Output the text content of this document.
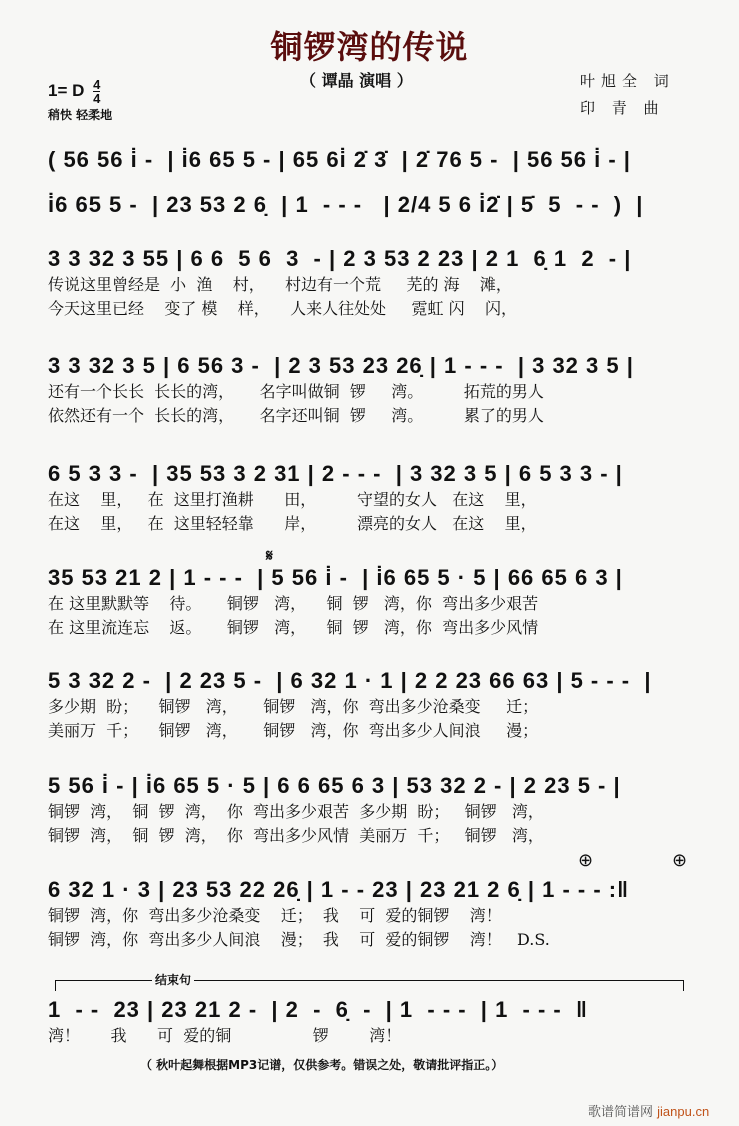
铜锣湾的传说
（ 谭晶 演唱 ）
1= D $\frac{4}{4}$
稍快 轻柔地
叶旭全 词
印 青 曲
( 56 56 i̇ -  | i̇6 65 5 - | 65 6i̇ 2̇ 3̇  | 2̇ 76 5 -  | 56 56 i̇ - |
i̇6 65 5 -  | 23 53 2 6̣  | 1  - - -   | 2/4 5 6 i̇2̇ | 5̇  5  - -  )  |
3 3 32 3 55 | 6 6  5 6  3  - | 2 3 53 2 23 | 2 1  6̣ 1  2  - |
传说这里曾经是  小  渔    村，    村边有一个荒     芜的 海    滩，
今天这里已经    变了 模    样，    人来人往处处     霓虹 闪    闪，
3 3 32 3 5 | 6 56 3 -  | 2 3 53 23 26̣ | 1 - - -  | 3 32 3 5 |
还有一个长长  长长的湾，     名字叫做铜  锣     湾。        拓荒的男人
依然还有一个  长长的湾，     名字还叫铜  锣     湾。        累了的男人
6 5 3 3 -  | 35 53 3 2 31 | 2 - - -  | 3 32 3 5 | 6 5 3 3 - |
在这    里，   在  这里打渔耕      田，        守望的女人   在这    里，
在这    里，   在  这里轻轻靠      岸，        漂亮的女人   在这    里，
𝄋
35 53 21 2 | 1 - - -  | 5 56 i̇ -  | i̇6 65 5 · 5 | 66 65 6 3 |
在 这里默默等    待。     铜锣   湾，    铜  锣   湾，你  弯出多少艰苦
在 这里流连忘    返。     铜锣   湾，    铜  锣   湾，你  弯出多少风情
5 3 32 2 -  | 2 23 5 -  | 6 32 1 · 1 | 2 2 23 66 63 | 5 - - -  |
多少期  盼；    铜锣   湾，     铜锣   湾，你  弯出多少沧桑变     迁；
美丽万  千；    铜锣   湾，     铜锣   湾，你  弯出多少人间浪     漫；
5 56 i̇ - | i̇6 65 5 · 5 | 6 6 65 6 3 | 53 32 2 - | 2 23 5 - |
铜锣  湾，  铜  锣  湾，  你  弯出多少艰苦  多少期  盼；   铜锣   湾，
铜锣  湾，  铜  锣  湾，  你  弯出多少风情  美丽万  千；   铜锣   湾，
⊕	⊕
6 32 1 · 3 | 23 53 22 26̣ | 1 - - 23 | 23 21 2 6̣ | 1 - - - :‖
铜锣  湾，你  弯出多少沧桑变    迁；  我    可  爱的铜锣    湾！
铜锣  湾，你  弯出多少人间浪    漫；  我    可  爱的铜锣    湾！   D.S.
结束句
1  - -  23 | 23 21 2 -  | 2  -  6̣  -  | 1  - - -  | 1  - - -  ‖
湾！      我      可  爱的铜                锣        湾！
（ 秋叶起舞根据MP3记谱，仅供参考。错误之处，敬请批评指正。）
歌谱简谱网 jianpu.cn
